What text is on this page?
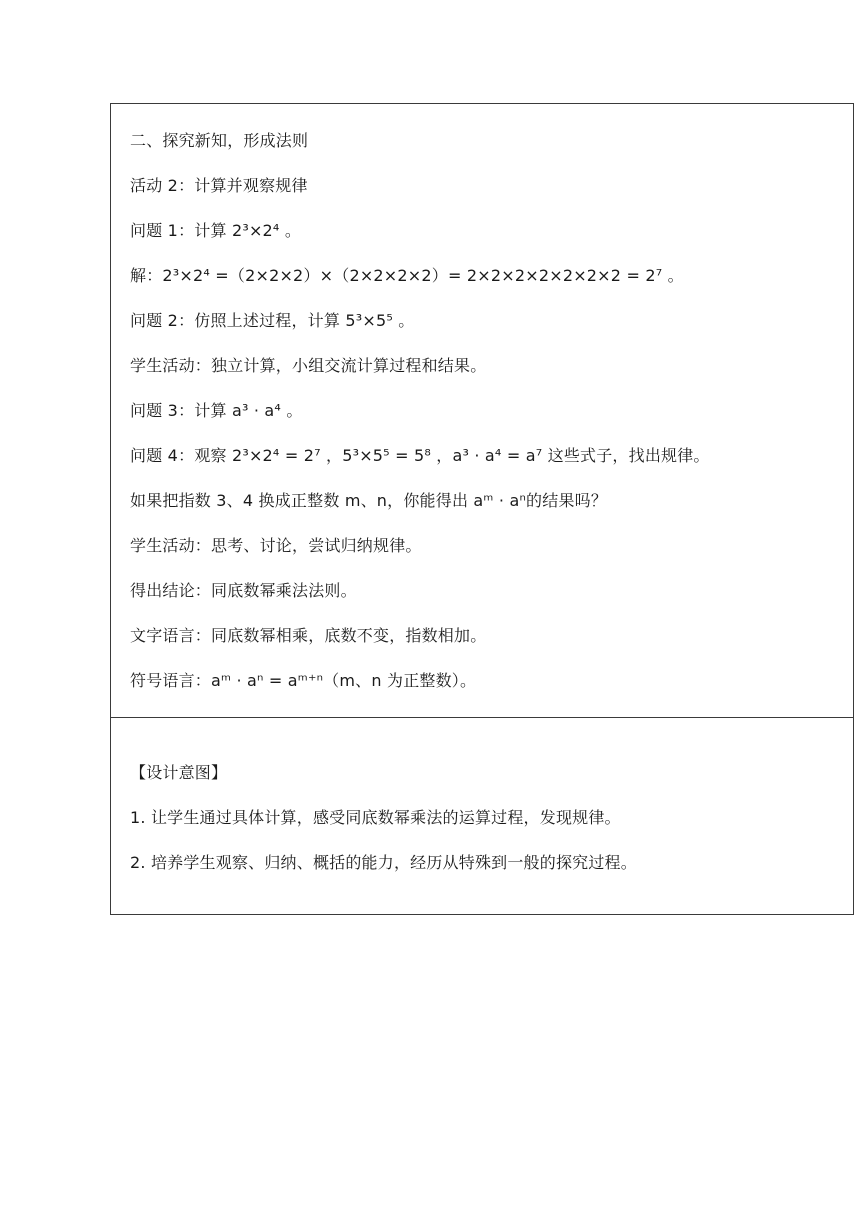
二、探究新知，形成法则
活动 2：计算并观察规律
问题 1：计算 2³×2⁴ 。
解：2³×2⁴ =（2×2×2）×（2×2×2×2）= 2×2×2×2×2×2×2 = 2⁷ 。
问题 2：仿照上述过程，计算 5³×5⁵ 。
学生活动：独立计算，小组交流计算过程和结果。
问题 3：计算 a³ · a⁴ 。
问题 4：观察 2³×2⁴ = 2⁷ ，5³×5⁵ = 5⁸ ，a³ · a⁴ = a⁷ 这些式子，找出规律。
如果把指数 3、4 换成正整数 m、n，你能得出 aᵐ · aⁿ的结果吗？
学生活动：思考、讨论，尝试归纳规律。
得出结论：同底数幂乘法法则。
文字语言：同底数幂相乘，底数不变，指数相加。
符号语言：aᵐ · aⁿ = aᵐ⁺ⁿ（m、n 为正整数）。
【设计意图】
1. 让学生通过具体计算，感受同底数幂乘法的运算过程，发现规律。
2. 培养学生观察、归纳、概括的能力，经历从特殊到一般的探究过程。
